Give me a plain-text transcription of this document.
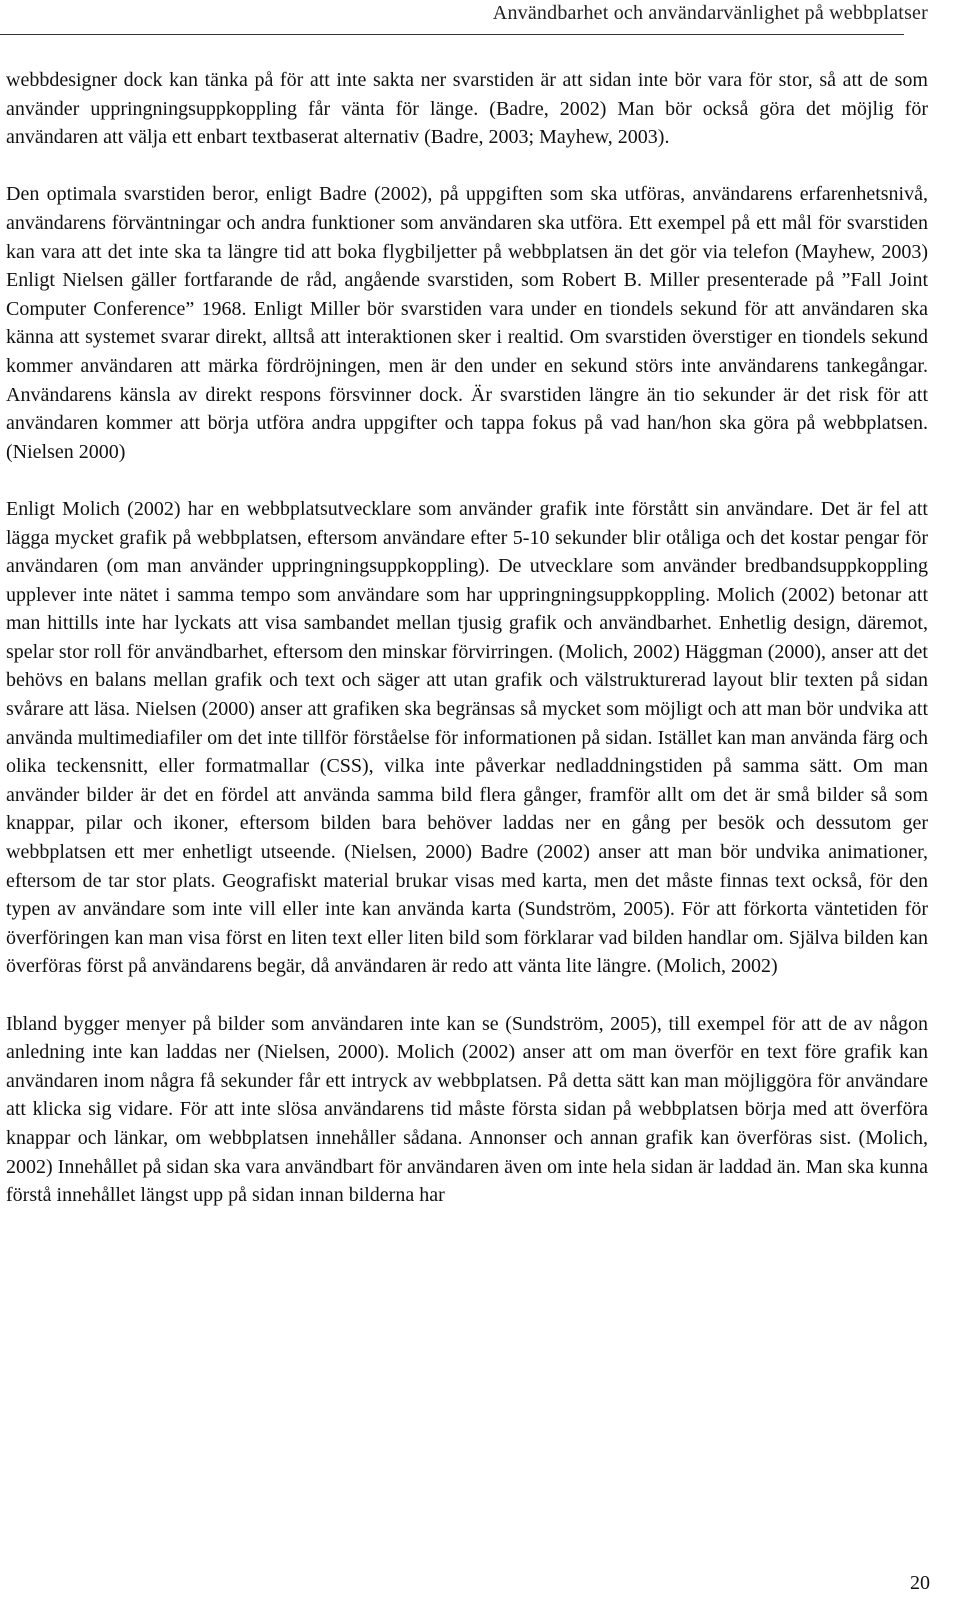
Användbarhet och användarvänlighet på webbplatser

webbdesigner dock kan tänka på för att inte sakta ner svarstiden är att sidan inte bör vara för stor, så att de som använder uppringningsuppkoppling får vänta för länge. (Badre, 2002) Man bör också göra det möjlig för användaren att välja ett enbart textbaserat alternativ (Badre, 2003; Mayhew, 2003).

Den optimala svarstiden beror, enligt Badre (2002), på uppgiften som ska utföras, användarens erfarenhetsnivå, användarens förväntningar och andra funktioner som användaren ska utföra. Ett exempel på ett mål för svarstiden kan vara att det inte ska ta längre tid att boka flygbiljetter på webbplatsen än det gör via telefon (Mayhew, 2003) Enligt Nielsen gäller fortfarande de råd, angående svarstiden, som Robert B. Miller presenterade på ”Fall Joint Computer Conference” 1968. Enligt Miller bör svarstiden vara under en tiondels sekund för att användaren ska känna att systemet svarar direkt, alltså att interaktionen sker i realtid. Om svarstiden överstiger en tiondels sekund kommer användaren att märka fördröjningen, men är den under en sekund störs inte användarens tankegångar. Användarens känsla av direkt respons försvinner dock. Är svarstiden längre än tio sekunder är det risk för att användaren kommer att börja utföra andra uppgifter och tappa fokus på vad han/hon ska göra på webbplatsen. (Nielsen 2000)

Enligt Molich (2002) har en webbplatsutvecklare som använder grafik inte förstått sin användare. Det är fel att lägga mycket grafik på webbplatsen, eftersom användare efter 5-10 sekunder blir otåliga och det kostar pengar för användaren (om man använder uppringningsuppkoppling). De utvecklare som använder bredbandsuppkoppling upplever inte nätet i samma tempo som användare som har uppringningsuppkoppling. Molich (2002) betonar att man hittills inte har lyckats att visa sambandet mellan tjusig grafik och användbarhet. Enhetlig design, däremot, spelar stor roll för användbarhet, eftersom den minskar förvirringen. (Molich, 2002) Häggman (2000), anser att det behövs en balans mellan grafik och text och säger att utan grafik och välstrukturerad layout blir texten på sidan svårare att läsa. Nielsen (2000) anser att grafiken ska begränsas så mycket som möjligt och att man bör undvika att använda multimediafiler om det inte tillför förståelse för informationen på sidan. Istället kan man använda färg och olika teckensnitt, eller formatmallar (CSS), vilka inte påverkar nedladdningstiden på samma sätt. Om man använder bilder är det en fördel att använda samma bild flera gånger, framför allt om det är små bilder så som knappar, pilar och ikoner, eftersom bilden bara behöver laddas ner en gång per besök och dessutom ger webbplatsen ett mer enhetligt utseende. (Nielsen, 2000) Badre (2002) anser att man bör undvika animationer, eftersom de tar stor plats. Geografiskt material brukar visas med karta, men det måste finnas text också, för den typen av användare som inte vill eller inte kan använda karta (Sundström, 2005). För att förkorta väntetiden för överföringen kan man visa först en liten text eller liten bild som förklarar vad bilden handlar om. Själva bilden kan överföras först på användarens begär, då användaren är redo att vänta lite längre. (Molich, 2002)

Ibland bygger menyer på bilder som användaren inte kan se (Sundström, 2005), till exempel för att de av någon anledning inte kan laddas ner (Nielsen, 2000). Molich (2002) anser att om man överför en text före grafik kan användaren inom några få sekunder får ett intryck av webbplatsen. På detta sätt kan man möjliggöra för användare att klicka sig vidare. För att inte slösa användarens tid måste första sidan på webbplatsen börja med att överföra knappar och länkar, om webbplatsen innehåller sådana. Annonser och annan grafik kan överföras sist. (Molich, 2002) Innehållet på sidan ska vara användbart för användaren även om inte hela sidan är laddad än. Man ska kunna förstå innehållet längst upp på sidan innan bilderna har

20
